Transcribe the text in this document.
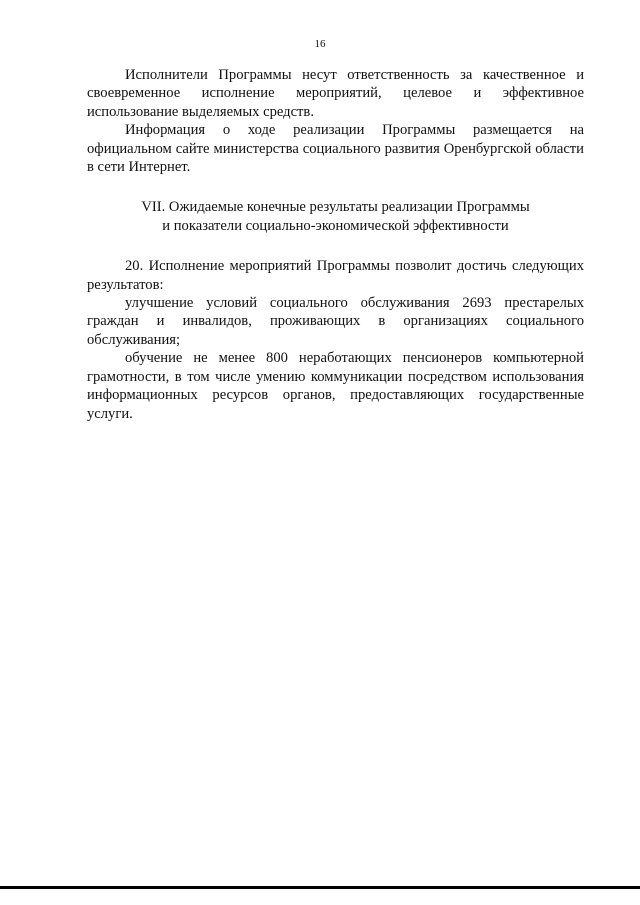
16

Исполнители Программы несут ответственность за качественное и своевременное исполнение мероприятий, целевое и эффективное использование выделяемых средств.

Информация о ходе реализации Программы размещается на официальном сайте министерства социального развития Оренбургской области в сети Интернет.

VII. Ожидаемые конечные результаты реализации Программы
и показатели социально-экономической эффективности

20. Исполнение мероприятий Программы позволит достичь следующих результатов:

улучшение условий социального обслуживания 2693 престарелых граждан и инвалидов, проживающих в организациях социального обслуживания;

обучение не менее 800 неработающих пенсионеров компьютерной грамотности, в том числе умению коммуникации посредством использования информационных ресурсов органов, предоставляющих государственные услуги.
